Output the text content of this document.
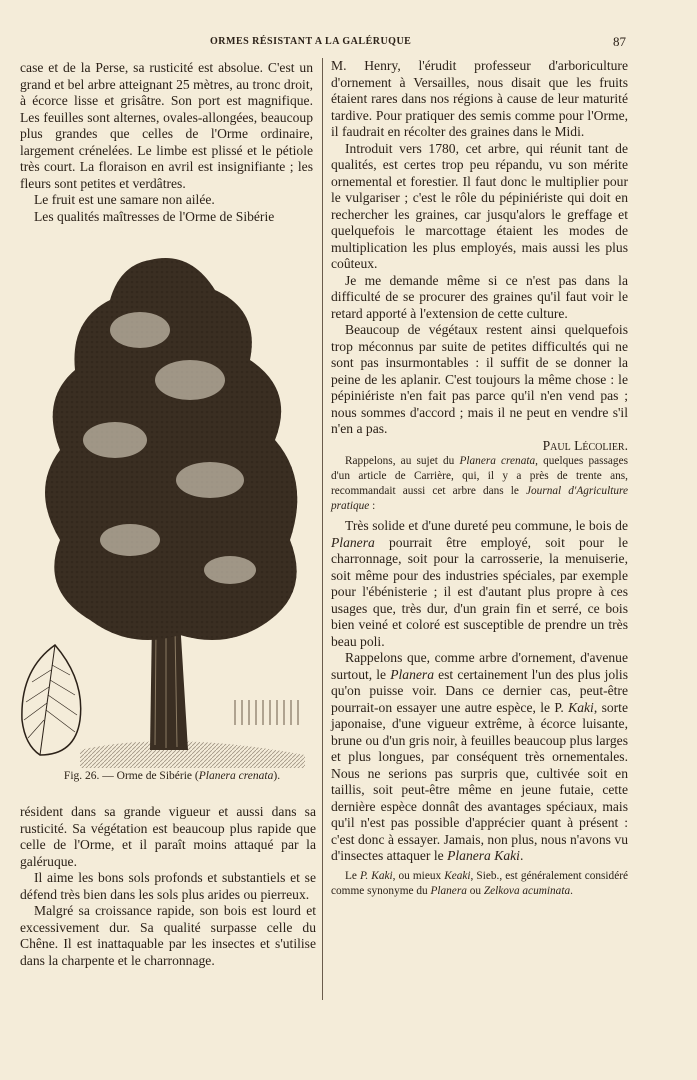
ORMES RÉSISTANT A LA GALÉRUQUE	87

case et de la Perse, sa rusticité est absolue. C'est un grand et bel arbre atteignant 25 mètres, au tronc droit, à écorce lisse et grisâtre. Son port est magnifique. Les feuilles sont alternes, ovales-allongées, beaucoup plus grandes que celles de l'Orme ordinaire, largement crénelées. Le limbe est plissé et le pétiole très court. La floraison en avril est insignifiante ; les fleurs sont petites et verdâtres.

Le fruit est une samare non ailée.

Les qualités maîtresses de l'Orme de Sibérie

Fig. 26. — Orme de Sibérie (Planera crenata).

résident dans sa grande vigueur et aussi dans sa rusticité. Sa végétation est beaucoup plus rapide que celle de l'Orme, et il paraît moins attaqué par la galéruque.

Il aime les bons sols profonds et substantiels et se défend très bien dans les sols plus arides ou pierreux.

Malgré sa croissance rapide, son bois est lourd et excessivement dur. Sa qualité surpasse celle du Chêne. Il est inattaquable par les insectes et s'utilise dans la charpente et le charronnage.

M. Henry, l'érudit professeur d'arboriculture d'ornement à Versailles, nous disait que les fruits étaient rares dans nos régions à cause de leur maturité tardive. Pour pratiquer des semis comme pour l'Orme, il faudrait en récolter des graines dans le Midi.

Introduit vers 1780, cet arbre, qui réunit tant de qualités, est certes trop peu répandu, vu son mérite ornemental et forestier. Il faut donc le multiplier pour le vulgariser ; c'est le rôle du pépiniériste qui doit en rechercher les graines, car jusqu'alors le greffage et quelquefois le marcottage étaient les modes de multiplication les plus employés, mais aussi les plus coûteux.

Je me demande même si ce n'est pas dans la difficulté de se procurer des graines qu'il faut voir le retard apporté à l'extension de cette culture.

Beaucoup de végétaux restent ainsi quelquefois trop méconnus par suite de petites difficultés qui ne sont pas insurmontables : il suffit de se donner la peine de les aplanir. C'est toujours la même chose : le pépiniériste n'en fait pas parce qu'il n'en vend pas ; nous sommes d'accord ; mais il ne peut en vendre s'il n'en a pas.

Paul Lécolier.

Rappelons, au sujet du Planera crenata, quelques passages d'un article de Carrière, qui, il y a près de trente ans, recommandait aussi cet arbre dans le Journal d'Agriculture pratique :

Très solide et d'une dureté peu commune, le bois de Planera pourrait être employé, soit pour le charronnage, soit pour la carrosserie, la menuiserie, soit même pour des industries spéciales, par exemple pour l'ébénisterie ; il est d'autant plus propre à ces usages que, très dur, d'un grain fin et serré, ce bois bien veiné et coloré est susceptible de prendre un très beau poli.

Rappelons que, comme arbre d'ornement, d'avenue surtout, le Planera est certainement l'un des plus jolis qu'on puisse voir. Dans ce dernier cas, peut-être pourrait-on essayer une autre espèce, le P. Kaki, sorte japonaise, d'une vigueur extrême, à écorce luisante, brune ou d'un gris noir, à feuilles beaucoup plus larges et plus longues, par conséquent très ornementales. Nous ne serions pas surpris que, cultivée soit en taillis, soit peut-être même en jeune futaie, cette dernière espèce donnât des avantages spéciaux, mais qu'il n'est pas possible d'apprécier quant à présent : c'est donc à essayer. Jamais, non plus, nous n'avons vu d'insectes attaquer le Planera Kaki.

Le P. Kaki, ou mieux Keaki, Sieb., est généralement considéré comme synonyme du Planera ou Zelkova acuminata.
